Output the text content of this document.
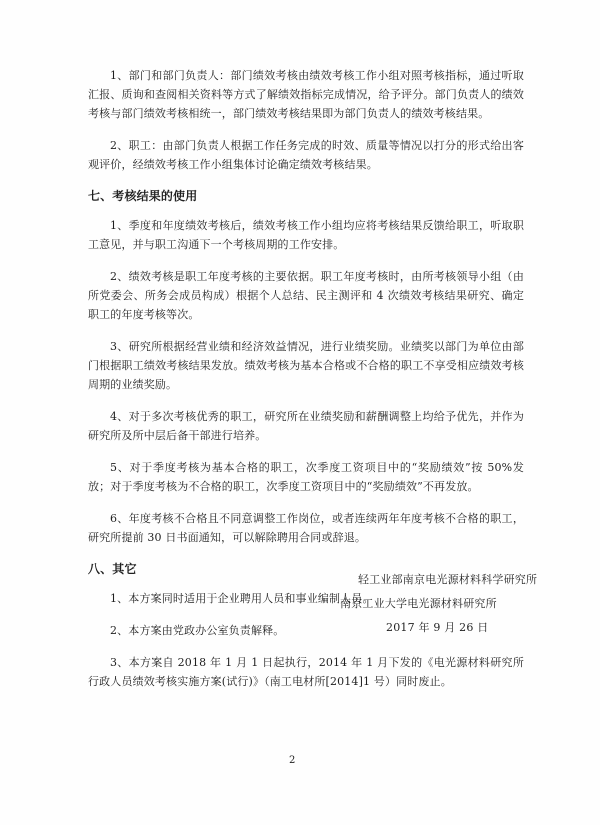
1、部门和部门负责人：部门绩效考核由绩效考核工作小组对照考核指标，通过听取汇报、质询和查阅相关资料等方式了解绩效指标完成情况，给予评分。部门负责人的绩效考核与部门绩效考核相统一，部门绩效考核结果即为部门负责人的绩效考核结果。

2、职工：由部门负责人根据工作任务完成的时效、质量等情况以打分的形式给出客观评价，经绩效考核工作小组集体讨论确定绩效考核结果。

七、考核结果的使用

1、季度和年度绩效考核后，绩效考核工作小组均应将考核结果反馈给职工，听取职工意见，并与职工沟通下一个考核周期的工作安排。

2、绩效考核是职工年度考核的主要依据。职工年度考核时，由所考核领导小组（由所党委会、所务会成员构成）根据个人总结、民主测评和 4 次绩效考核结果研究、确定职工的年度考核等次。

3、研究所根据经营业绩和经济效益情况，进行业绩奖励。业绩奖以部门为单位由部门根据职工绩效考核结果发放。绩效考核为基本合格或不合格的职工不享受相应绩效考核周期的业绩奖励。

4、对于多次考核优秀的职工，研究所在业绩奖励和薪酬调整上均给予优先，并作为研究所及所中层后备干部进行培养。

5、对于季度考核为基本合格的职工，次季度工资项目中的“奖励绩效”按 50%发放；对于季度考核为不合格的职工，次季度工资项目中的“奖励绩效”不再发放。

6、年度考核不合格且不同意调整工作岗位，或者连续两年年度考核不合格的职工，研究所提前 30 日书面通知，可以解除聘用合同或辞退。

八、其它

1、本方案同时适用于企业聘用人员和事业编制人员。

2、本方案由党政办公室负责解释。

3、本方案自 2018 年 1 月 1 日起执行，2014 年 1 月下发的《电光源材料研究所行政人员绩效考核实施方案(试行)》（南工电材所[2014]1 号）同时废止。

轻工业部南京电光源材料科学研究所
南京工业大学电光源材料研究所
2017 年 9 月 26 日
2
